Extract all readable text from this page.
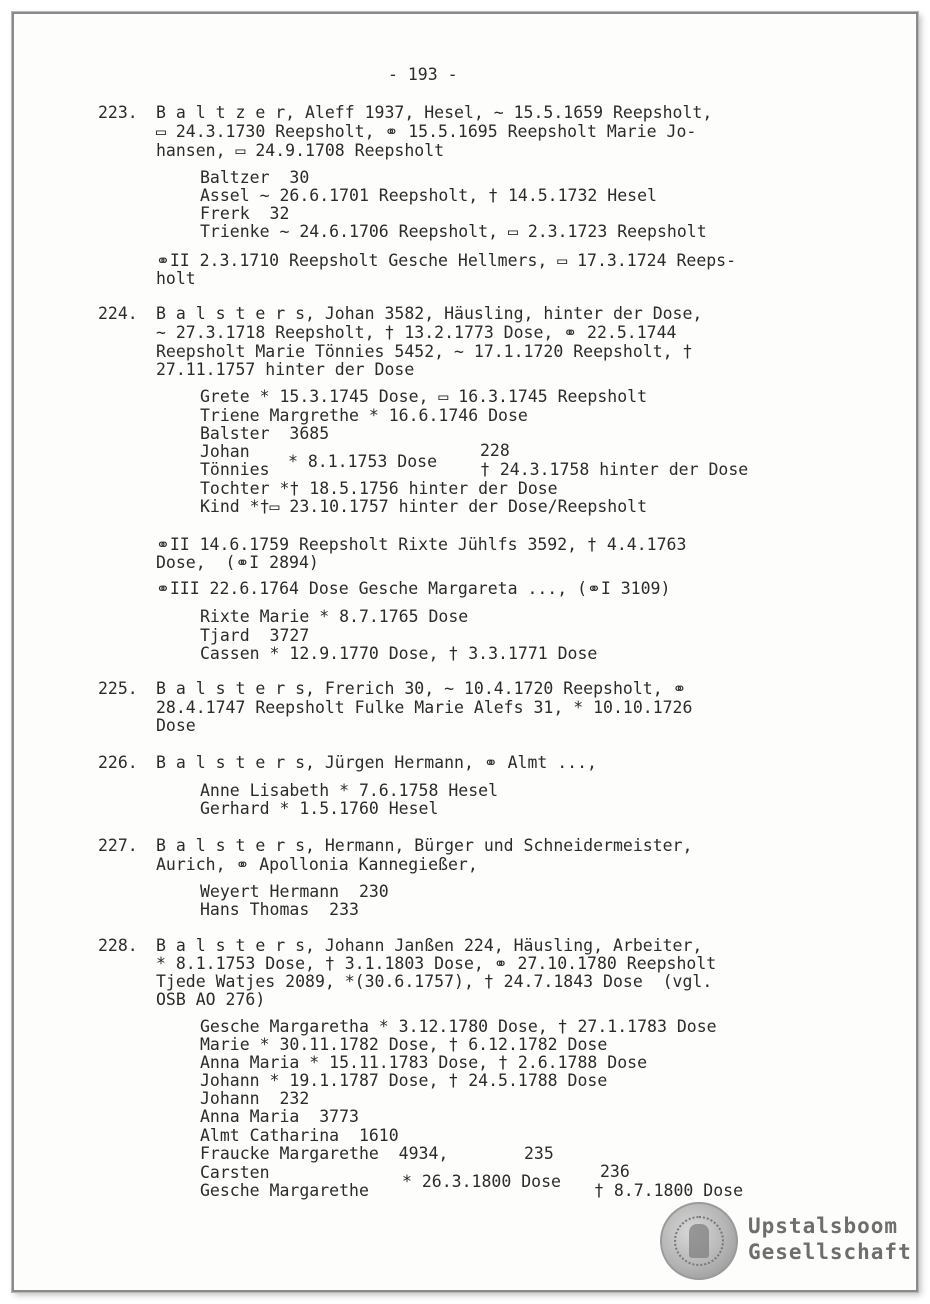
- 193 -
223. B a l t z e r, Aleff 1937, Hesel, ~ 15.5.1659 Reepsholt,
▭ 24.3.1730 Reepsholt, ⚭ 15.5.1695 Reepsholt Marie Jo-
hansen, ▭ 24.9.1708 Reepsholt
Baltzer  30
Assel ~ 26.6.1701 Reepsholt, † 14.5.1732 Hesel
Frerk  32
Trienke ~ 24.6.1706 Reepsholt, ▭ 2.3.1723 Reepsholt
⚭II 2.3.1710 Reepsholt Gesche Hellmers, ▭ 17.3.1724 Reeps-
holt
224. B a l s t e r s, Johan 3582, Häusling, hinter der Dose,
~ 27.3.1718 Reepsholt, † 13.2.1773 Dose, ⚭ 22.5.1744
Reepsholt Marie Tönnies 5452, ~ 17.1.1720 Reepsholt, †
27.11.1757 hinter der Dose
Grete * 15.3.1745 Dose, ▭ 16.3.1745 Reepsholt
Triene Margrethe * 16.6.1746 Dose
Balster  3685
Johan
Tönnies * 8.1.1753 Dose
228
† 24.3.1758 hinter der Dose
Tochter *† 18.5.1756 hinter der Dose
Kind *†▭ 23.10.1757 hinter der Dose/Reepsholt
⚭II 14.6.1759 Reepsholt Rixte Jühlfs 3592, † 4.4.1763
Dose,  (⚭I 2894)
⚭III 22.6.1764 Dose Gesche Margareta ..., (⚭I 3109)
Rixte Marie * 8.7.1765 Dose
Tjard  3727
Cassen * 12.9.1770 Dose, † 3.3.1771 Dose
225. B a l s t e r s, Frerich 30, ~ 10.4.1720 Reepsholt, ⚭
28.4.1747 Reepsholt Fulke Marie Alefs 31, * 10.10.1726
Dose
226. B a l s t e r s, Jürgen Hermann, ⚭ Almt ...,
Anne Lisabeth * 7.6.1758 Hesel
Gerhard * 1.5.1760 Hesel
227. B a l s t e r s, Hermann, Bürger und Schneidermeister,
Aurich, ⚭ Apollonia Kannegießer,
Weyert Hermann  230
Hans Thomas  233
228. B a l s t e r s, Johann Janßen 224, Häusling, Arbeiter,
* 8.1.1753 Dose, † 3.1.1803 Dose, ⚭ 27.10.1780 Reepsholt
Tjede Watjes 2089, *(30.6.1757), † 24.7.1843 Dose  (vgl.
OSB AO 276)
Gesche Margaretha * 3.12.1780 Dose, † 27.1.1783 Dose
Marie * 30.11.1782 Dose, † 6.12.1782 Dose
Anna Maria * 15.11.1783 Dose, † 2.6.1788 Dose
Johann * 19.1.1787 Dose, † 24.5.1788 Dose
Johann  232
Anna Maria  3773
Almt Catharina  1610
Fraucke Margarethe  4934,	235
Carsten
Gesche Margarethe * 26.3.1800 Dose
236
† 8.7.1800 Dose
Upstalsboom
Gesellschaft
